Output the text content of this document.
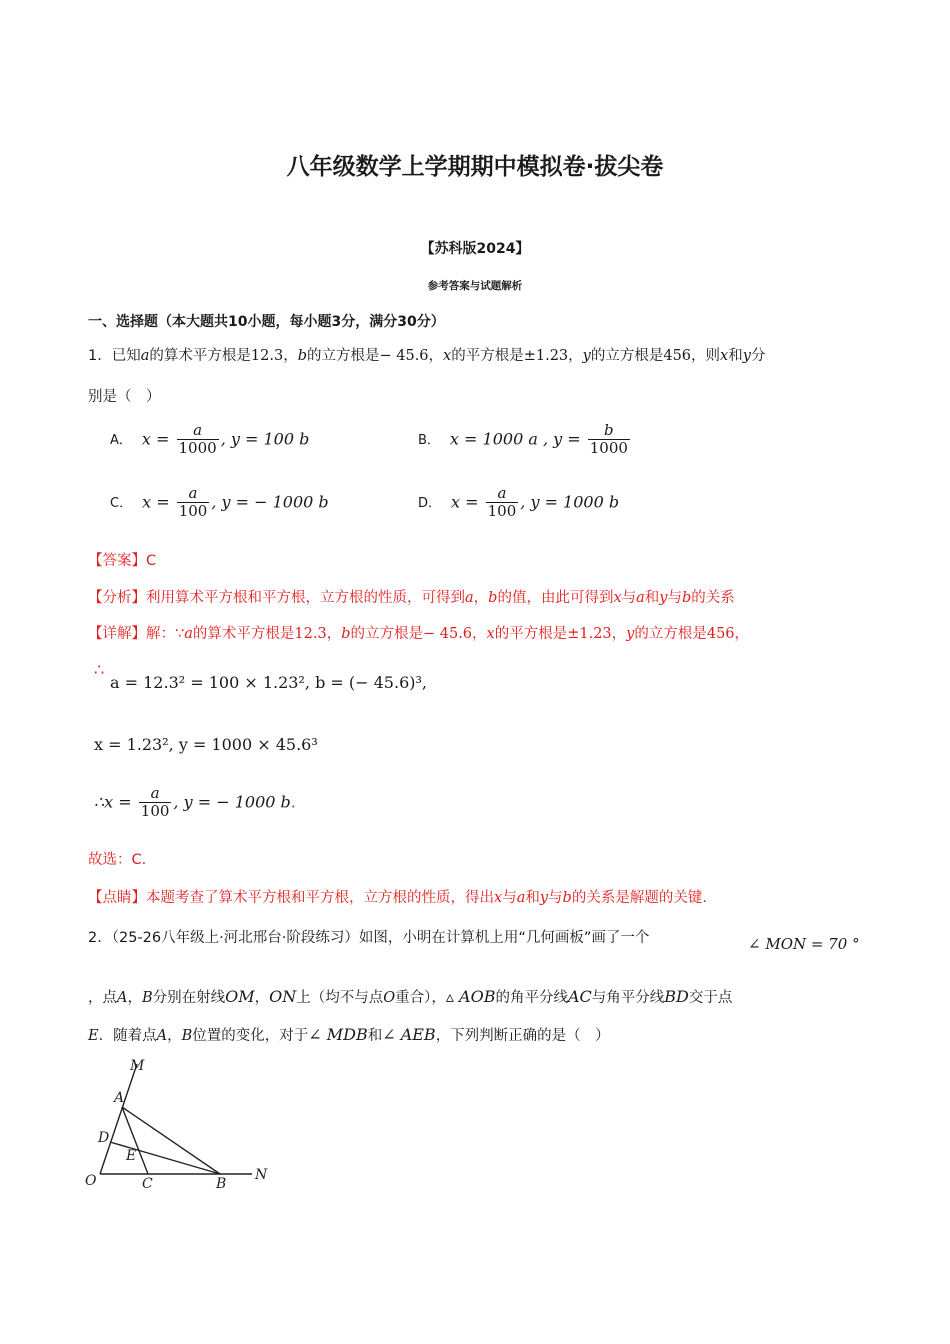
八年级数学上学期期中模拟卷·拔尖卷
【苏科版2024】
参考答案与试题解析
一、选择题（本大题共10小题，每小题3分，满分30分）
1．已知a的算术平方根是12.3，b的立方根是− 45.6，x的平方根是±1.23，y的立方根是456，则x和y分
别是（　）
A． $x = \frac{a}{1000}$ , y = 100 b	B． x = 1000 a , $y = \frac{b}{1000}$
C． $x = \frac{a}{100}$ , y = − 1000 b	D． $x = \frac{a}{100}$ , y = 1000 b
【答案】C
【分析】利用算术平方根和平方根，立方根的性质，可得到a，b的值，由此可得到x与a和y与b的关系
【详解】解：∵a的算术平方根是12.3，b的立方根是− 45.6，x的平方根是±1.23，y的立方根是456，
∴
a = 12.3² = 100 × 1.23², b = (− 45.6)³,
x = 1.23², y = 1000 × 45.6³
∴x = $\frac{a}{100}$ , y = − 1000 b.
故选：C.
【点睛】本题考查了算术平方根和平方根，立方根的性质，得出x与a和y与b的关系是解题的关键.
2．（25-26八年级上·河北邢台·阶段练习）如图，小明在计算机上用“几何画板”画了一个	∠ MON = 70 °
，点A，B分别在射线OM，ON上（均不与点O重合），▵ AOB的角平分线AC与角平分线BD交于点
E．随着点A，B位置的变化，对于∠ MDB和∠ AEB，下列判断正确的是（　）
M
A
D
E
O	C	B
N
